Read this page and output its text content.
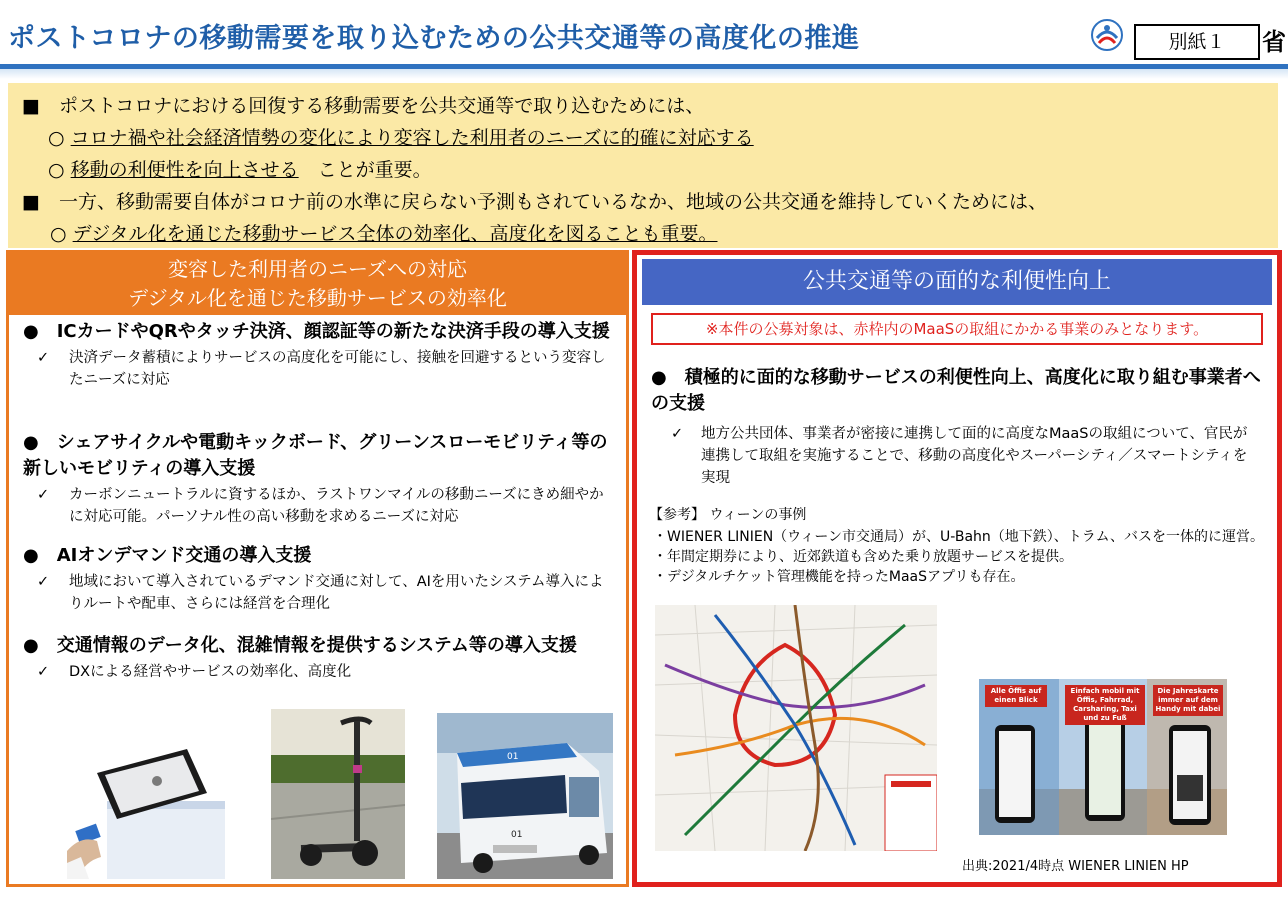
ポストコロナの移動需要を取り込むための公共交通等の高度化の推進	別紙１	省
■　ポストコロナにおける回復する移動需要を公共交通等で取り込むためには、
○ コロナ禍や社会経済情勢の変化により変容した利用者のニーズに的確に対応する
○ 移動の利便性を向上させる　ことが重要。
■　一方、移動需要自体がコロナ前の水準に戻らない予測もされているなか、地域の公共交通を維持していくためには、
○ デジタル化を通じた移動サービス全体の効率化、高度化を図ることも重要。
変容した利用者のニーズへの対応
デジタル化を通じた移動サービスの効率化
●　ICカードやQRやタッチ決済、顔認証等の新たな決済手段の導入支援
✓	決済データ蓄積によりサービスの高度化を可能にし、接触を回避するという変容したニーズに対応
●　シェアサイクルや電動キックボード、グリーンスローモビリティ等の新しいモビリティの導入支援
✓	カーボンニュートラルに資するほか、ラストワンマイルの移動ニーズにきめ細やかに対応可能。パーソナル性の高い移動を求めるニーズに対応
●　AIオンデマンド交通の導入支援
✓	地域において導入されているデマンド交通に対して、AIを用いたシステム導入によりルートや配車、さらには経営を合理化
●　交通情報のデータ化、混雑情報を提供するシステム等の導入支援
✓	DXによる経営やサービスの効率化、高度化
01
01
公共交通等の面的な利便性向上
※本件の公募対象は、赤枠内のMaaSの取組にかかる事業のみとなります。
●　積極的に面的な移動サービスの利便性向上、高度化に取り組む事業者への支援
✓	地方公共団体、事業者が密接に連携して面的に高度なMaaSの取組について、官民が連携して取組を実施することで、移動の高度化やスーパーシティ／スマートシティを実現
【参考】 ウィーンの事例
・WIENER LINIEN（ウィーン市交通局）が、U-Bahn（地下鉄）、トラム、バスを一体的に運営。
・年間定期券により、近郊鉄道も含めた乗り放題サービスを提供。
・デジタルチケット管理機能を持ったMaaSアプリも存在。
Alle Öffis auf einen Blick
Einfach mobil mit Öffis, Fahrrad, Carsharing, Taxi und zu Fuß
Die Jahreskarte immer auf dem Handy mit dabei
出典:2021/4時点 WIENER LINIEN HP
